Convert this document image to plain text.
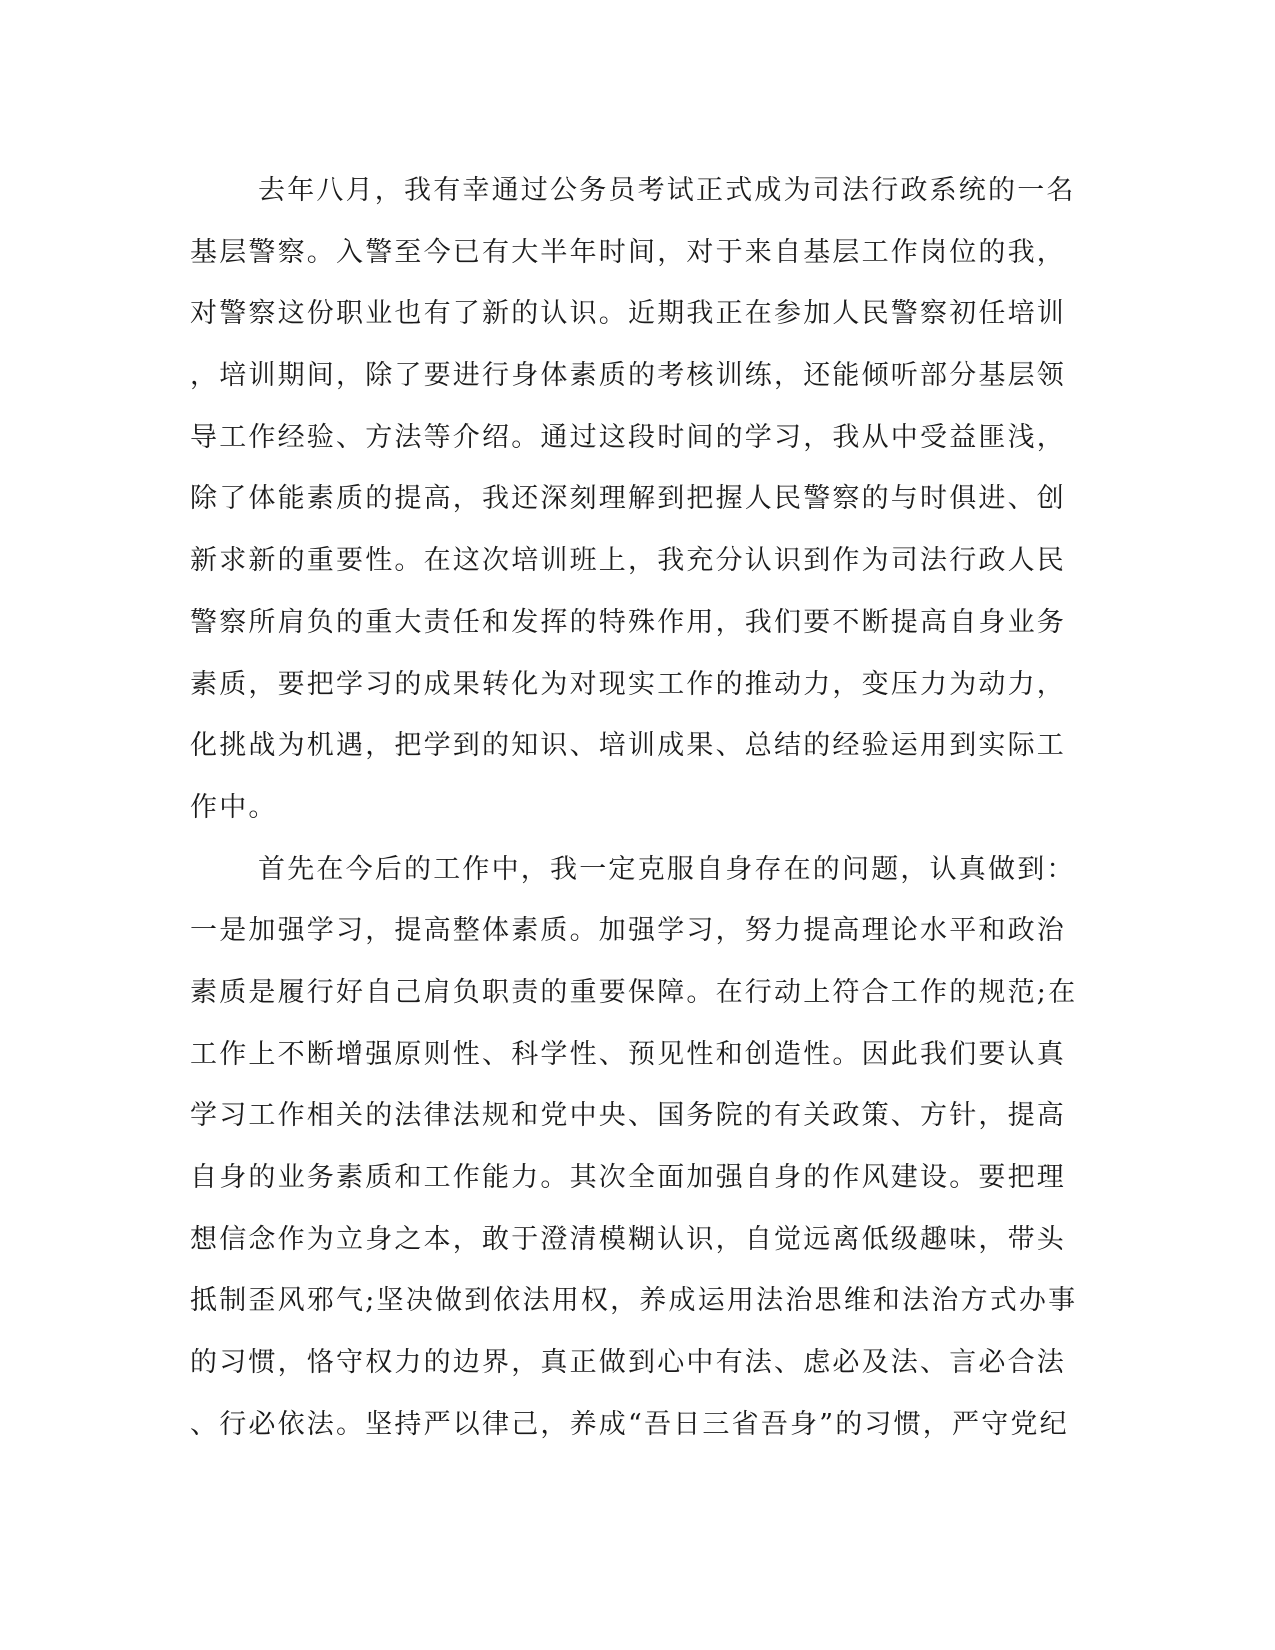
去年八月，我有幸通过公务员考试正式成为司法行政系统的一名
基层警察。入警至今已有大半年时间，对于来自基层工作岗位的我，
对警察这份职业也有了新的认识。近期我正在参加人民警察初任培训
，培训期间，除了要进行身体素质的考核训练，还能倾听部分基层领
导工作经验、方法等介绍。通过这段时间的学习，我从中受益匪浅，
除了体能素质的提高，我还深刻理解到把握人民警察的与时俱进、创
新求新的重要性。在这次培训班上，我充分认识到作为司法行政人民
警察所肩负的重大责任和发挥的特殊作用，我们要不断提高自身业务
素质，要把学习的成果转化为对现实工作的推动力，变压力为动力，
化挑战为机遇，把学到的知识、培训成果、总结的经验运用到实际工
作中。
首先在今后的工作中，我一定克服自身存在的问题，认真做到：
一是加强学习，提高整体素质。加强学习，努力提高理论水平和政治
素质是履行好自己肩负职责的重要保障。在行动上符合工作的规范;在
工作上不断增强原则性、科学性、预见性和创造性。因此我们要认真
学习工作相关的法律法规和党中央、国务院的有关政策、方针，提高
自身的业务素质和工作能力。其次全面加强自身的作风建设。要把理
想信念作为立身之本，敢于澄清模糊认识，自觉远离低级趣味，带头
抵制歪风邪气;坚决做到依法用权，养成运用法治思维和法治方式办事
的习惯，恪守权力的边界，真正做到心中有法、虑必及法、言必合法
、行必依法。坚持严以律己，养成“吾日三省吾身”的习惯，严守党纪
